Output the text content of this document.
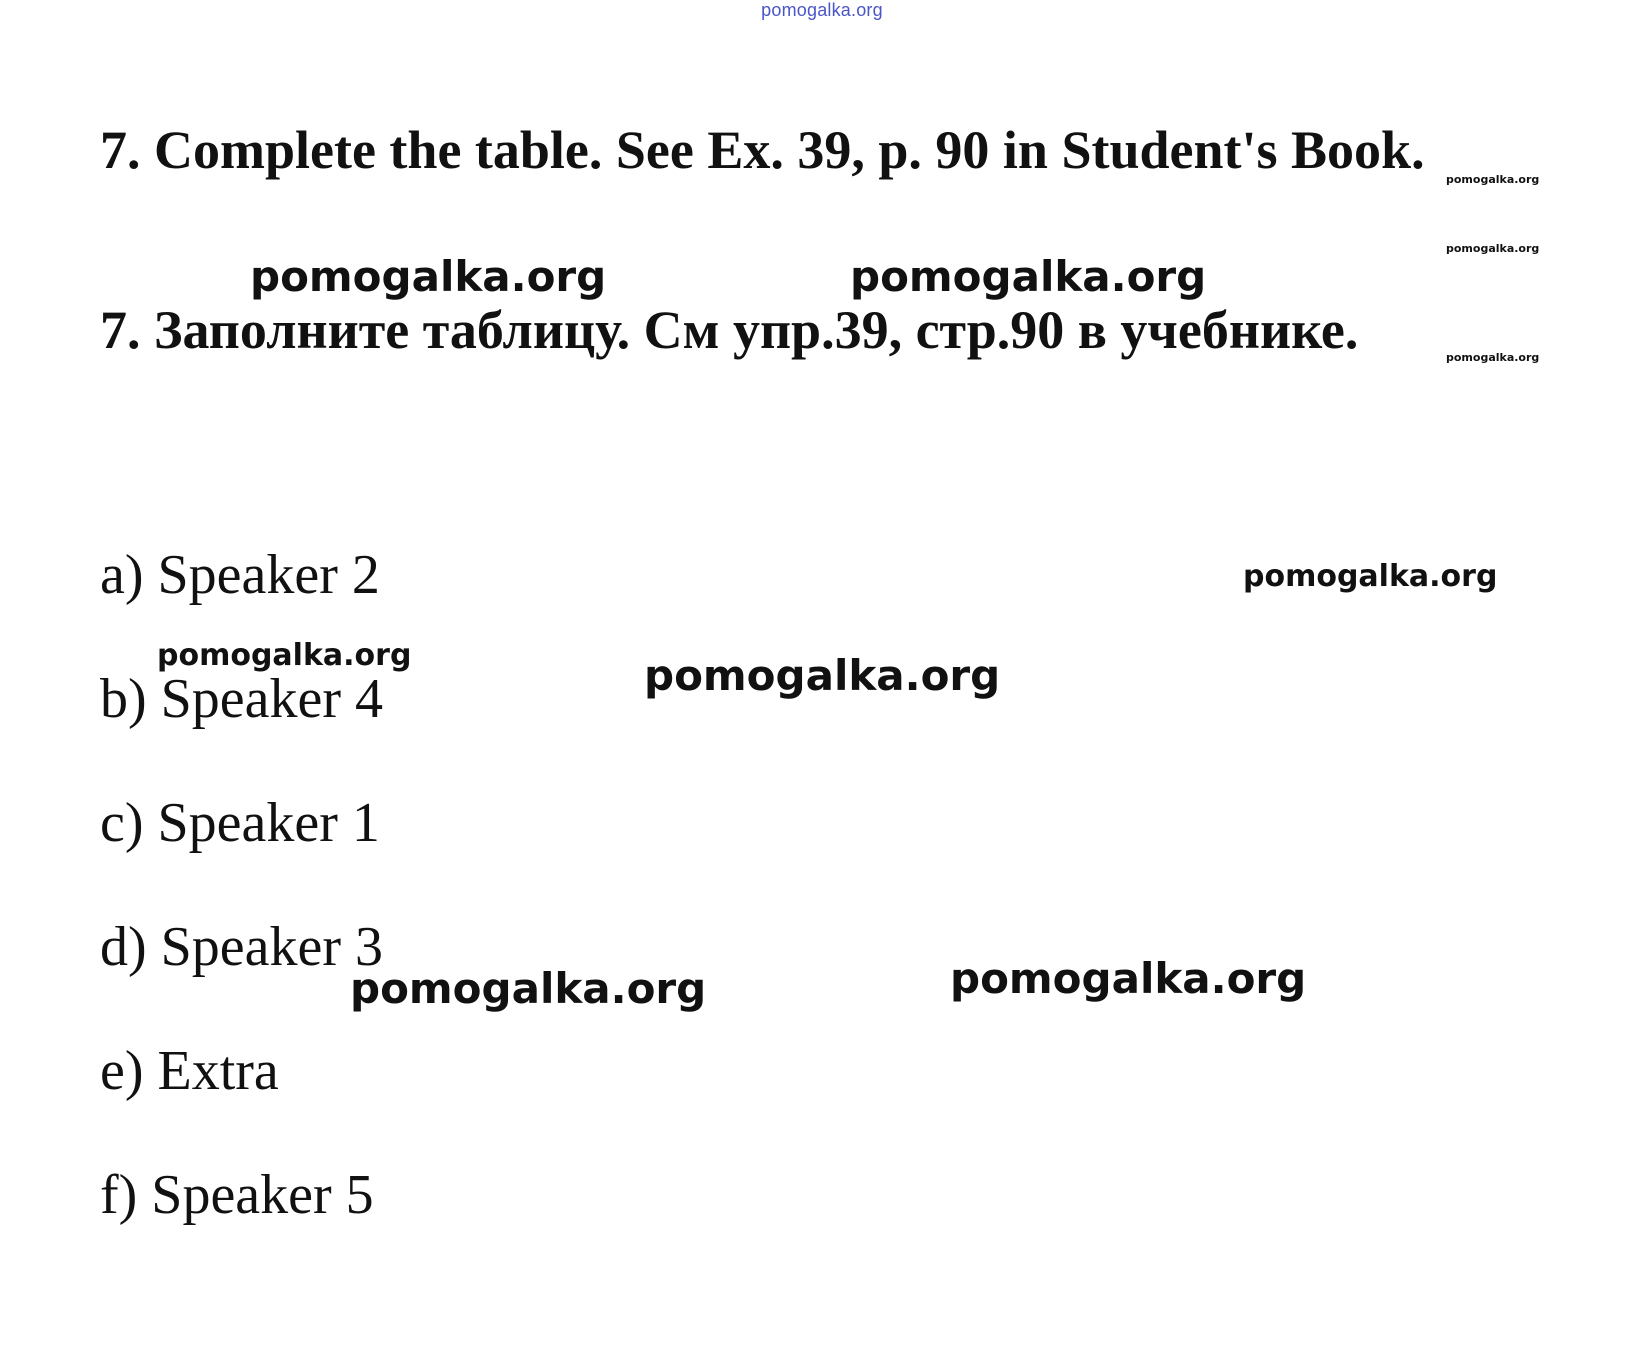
pomogalka.org
7. Complete the table. See Ex. 39, p. 90 in Student's Book.
7. Заполните таблицу. См упр.39, стр.90 в учебнике.
a) Speaker 2
b) Speaker 4
c) Speaker 1
d) Speaker 3
e) Extra
f) Speaker 5
pomogalka.org
pomogalka.org
pomogalka.org
pomogalka.org	pomogalka.org
pomogalka.org
pomogalka.org	pomogalka.org
pomogalka.org	pomogalka.org
